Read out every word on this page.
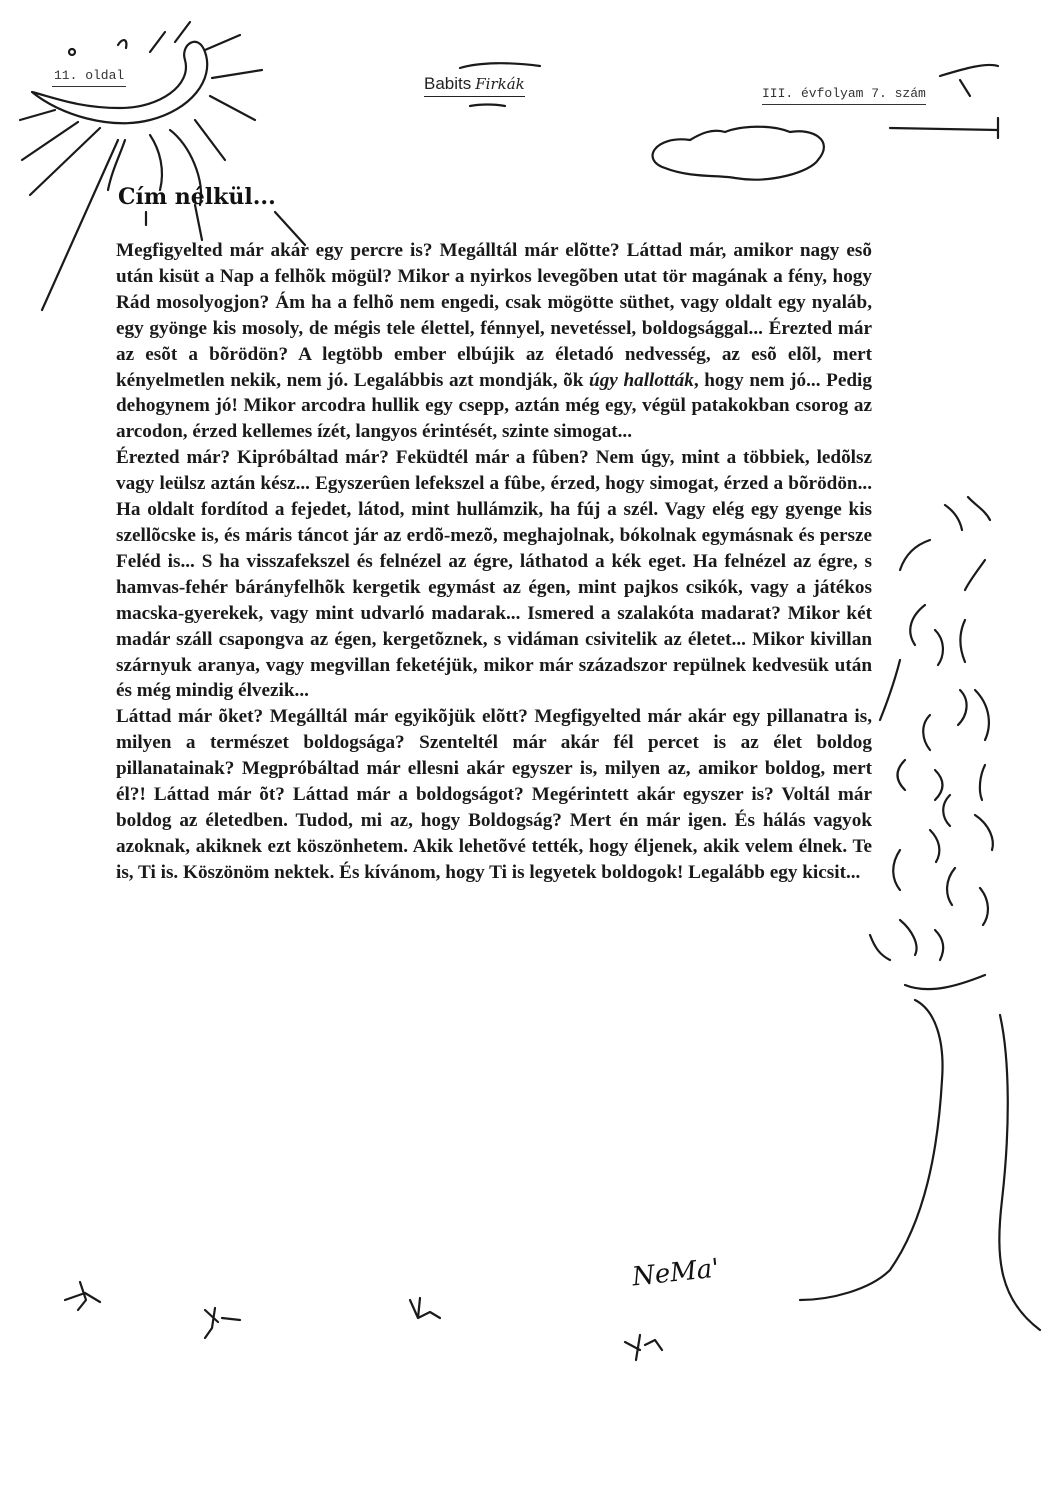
11. oldal	Babits Firkák
III. évfolyam 7. szám
Cím nélkül...

Megfigyelted már akár egy percre is? Megálltál már elõtte? Láttad már, amikor nagy esõ után kisüt a Nap a felhõk mögül? Mikor a nyirkos levegõben utat tör magának a fény, hogy Rád mosolyogjon? Ám ha a felhõ nem engedi, csak mögötte süthet, vagy oldalt egy nyaláb, egy gyönge kis mosoly, de mégis tele élettel, fénnyel, nevetéssel, boldogsággal... Érezted már az esõt a bõrödön? A legtöbb ember elbújik az életadó nedvesség, az esõ elõl, mert kényelmetlen nekik, nem jó. Legalábbis azt mondják, õk úgy hallották, hogy nem jó... Pedig dehogynem jó! Mikor arcodra hullik egy csepp, aztán még egy, végül patakokban csorog az arcodon, érzed kellemes ízét, langyos érintését, szinte simogat...

Érezted már? Kipróbáltad már? Feküdtél már a fûben? Nem úgy, mint a többiek, ledõlsz vagy leülsz aztán kész... Egyszerûen lefekszel a fûbe, érzed, hogy simogat, érzed a bõrödön... Ha oldalt fordítod a fejedet, látod, mint hullámzik, ha fúj a szél. Vagy elég egy gyenge kis szellõcske is, és máris táncot jár az erdõ-mezõ, meghajolnak, bókolnak egymásnak és persze Feléd is... S ha visszafekszel és felnézel az égre, láthatod a kék eget. Ha felnézel az égre, s hamvas-fehér bárányfelhõk kergetik egymást az égen, mint pajkos csikók, vagy a játékos macska-gyerekek, vagy mint udvarló madarak... Ismered a szalakóta madarat? Mikor két madár száll csapongva az égen, kergetõznek, s vidáman csivitelik az életet... Mikor kivillan szárnyuk aranya, vagy megvillan feketéjük, mikor már századszor repülnek kedvesük után és még mindig élvezik...

Láttad már õket? Megálltál már egyikõjük elõtt? Megfigyelted már akár egy pillanatra is, milyen a természet boldogsága? Szenteltél már akár fél percet is az élet boldog pillanatainak? Megpróbáltad már ellesni akár egyszer is, milyen az, amikor boldog, mert él?! Láttad már õt? Láttad már a boldogságot? Megérintett akár egyszer is? Voltál már boldog az életedben. Tudod, mi az, hogy Boldogság? Mert én már igen. És hálás vagyok azoknak, akiknek ezt köszönhetem. Akik lehetõvé tették, hogy éljenek, akik velem élnek. Te is, Ti is. Köszönöm nektek. És kívánom, hogy Ti is legyetek boldogok! Legalább egy kicsit...

NeMa'
